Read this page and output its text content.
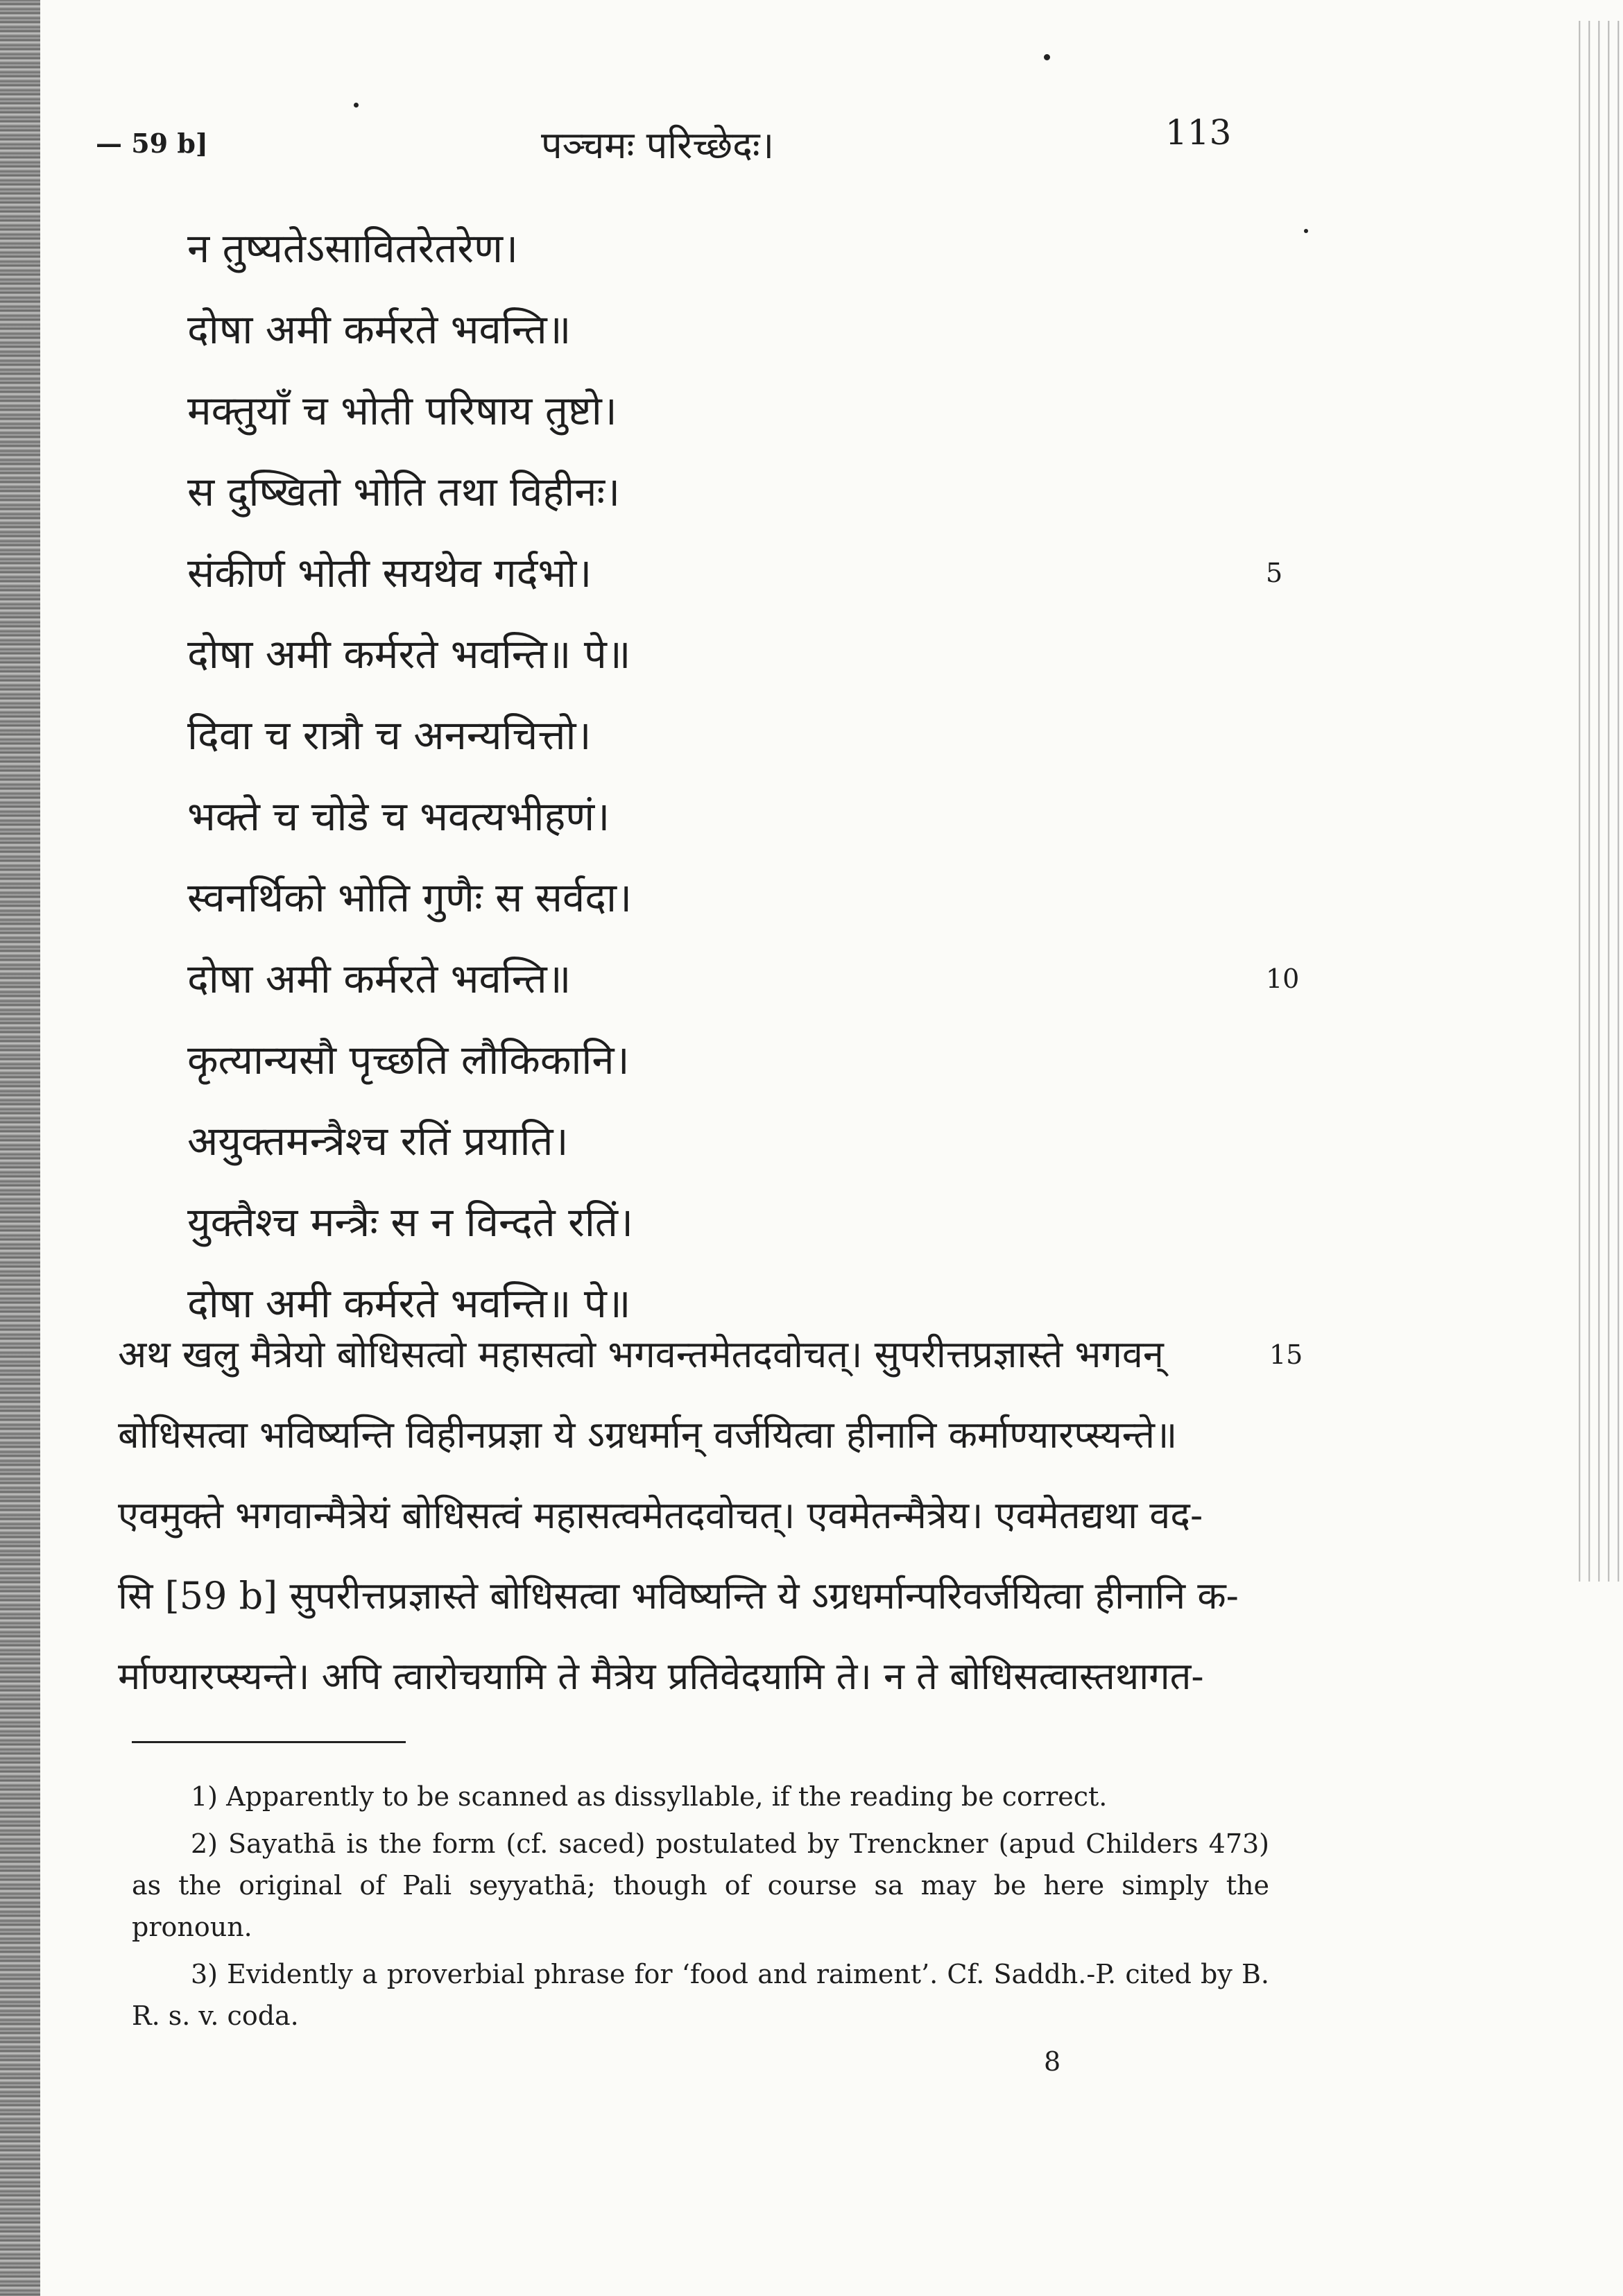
— 59 b]	पञ्चमः परिच्छेदः।	113
न तुष्यतेऽसावितरेतरेण।
दोषा अमी कर्मरते भवन्ति॥
मक्तुयाँ च भोती परिषाय तुष्टो।
स दुष्खितो भोति तथा विहीनः।
संकीर्ण भोती सयथेव गर्दभो।	5
दोषा अमी कर्मरते भवन्ति॥ पे॥
दिवा च रात्रौ च अनन्यचित्तो।
भक्ते च चोडे च भवत्यभीहणं।
स्वनर्थिको भोति गुणैः स सर्वदा।
दोषा अमी कर्मरते भवन्ति॥	10
कृत्यान्यसौ पृच्छति लौकिकानि।
अयुक्तमन्त्रैश्च रतिं प्रयाति।
युक्तैश्च मन्त्रैः स न विन्दते रतिं।
दोषा अमी कर्मरते भवन्ति॥ पे॥
अथ खलु मैत्रेयो बोधिसत्वो महासत्वो भगवन्तमेतदवोचत्। सुपरीत्तप्रज्ञास्ते भगवन्	15
बोधिसत्वा भविष्यन्ति विहीनप्रज्ञा ये ऽग्रधर्मान् वर्जयित्वा हीनानि कर्माण्यारप्स्यन्ते॥
एवमुक्ते भगवान्मैत्रेयं बोधिसत्वं महासत्वमेतदवोचत्। एवमेतन्मैत्रेय। एवमेतद्यथा वद-
सि [59 b] सुपरीत्तप्रज्ञास्ते बोधिसत्वा भविष्यन्ति ये ऽग्रधर्मान्परिवर्जयित्वा हीनानि क-
र्माण्यारप्स्यन्ते। अपि त्वारोचयामि ते मैत्रेय प्रतिवेदयामि ते। न ते बोधिसत्वास्तथागत-

1) Apparently to be scanned as dissyllable, if the reading be correct.

2) Sayathā is the form (cf. saced) postulated by Trenckner (apud Childers 473) as the original of Pali seyyathā; though of course sa may be here simply the pronoun.

3) Evidently a proverbial phrase for ‘food and raiment’. Cf. Saddh.-P. cited by B. R. s. v. coda.

8
